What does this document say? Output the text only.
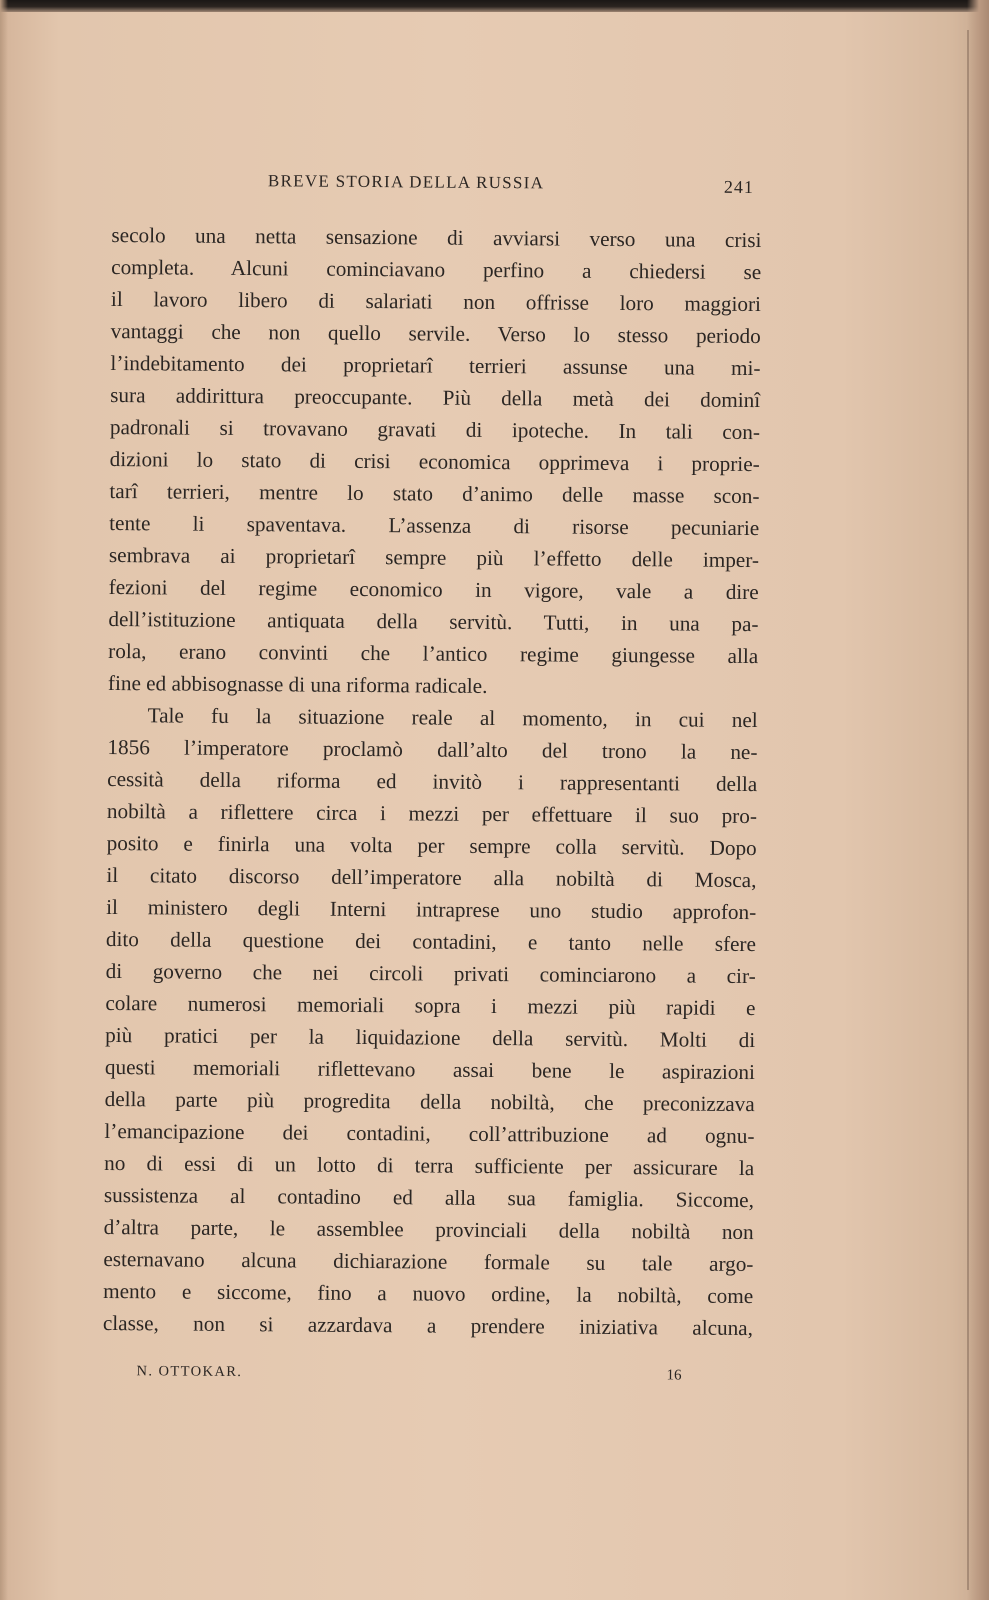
BREVE STORIA DELLA RUSSIA	241
secolo una netta sensazione di avviarsi verso una crisi
completa. Alcuni cominciavano perfino a chiedersi se
il lavoro libero di salariati non offrisse loro maggiori
vantaggi che non quello servile. Verso lo stesso periodo
l’indebitamento dei proprietarî terrieri assunse una mi-
sura addirittura preoccupante. Più della metà dei dominî
padronali si trovavano gravati di ipoteche. In tali con-
dizioni lo stato di crisi economica opprimeva i proprie-
tarî terrieri, mentre lo stato d’animo delle masse scon-
tente li spaventava. L’assenza di risorse pecuniarie
sembrava ai proprietarî sempre più l’effetto delle imper-
fezioni del regime economico in vigore, vale a dire
dell’istituzione antiquata della servitù. Tutti, in una pa-
rola, erano convinti che l’antico regime giungesse alla
fine ed abbisognasse di una riforma radicale.
Tale fu la situazione reale al momento, in cui nel
1856 l’imperatore proclamò dall’alto del trono la ne-
cessità della riforma ed invitò i rappresentanti della
nobiltà a riflettere circa i mezzi per effettuare il suo pro-
posito e finirla una volta per sempre colla servitù. Dopo
il citato discorso dell’imperatore alla nobiltà di Mosca,
il ministero degli Interni intraprese uno studio approfon-
dito della questione dei contadini, e tanto nelle sfere
di governo che nei circoli privati cominciarono a cir-
colare numerosi memoriali sopra i mezzi più rapidi e
più pratici per la liquidazione della servitù. Molti di
questi memoriali riflettevano assai bene le aspirazioni
della parte più progredita della nobiltà, che preconizzava
l’emancipazione dei contadini, coll’attribuzione ad ognu-
no di essi di un lotto di terra sufficiente per assicurare la
sussistenza al contadino ed alla sua famiglia. Siccome,
d’altra parte, le assemblee provinciali della nobiltà non
esternavano alcuna dichiarazione formale su tale argo-
mento e siccome, fino a nuovo ordine, la nobiltà, come
classe, non si azzardava a prendere iniziativa alcuna,
N. OTTOKAR.	16
